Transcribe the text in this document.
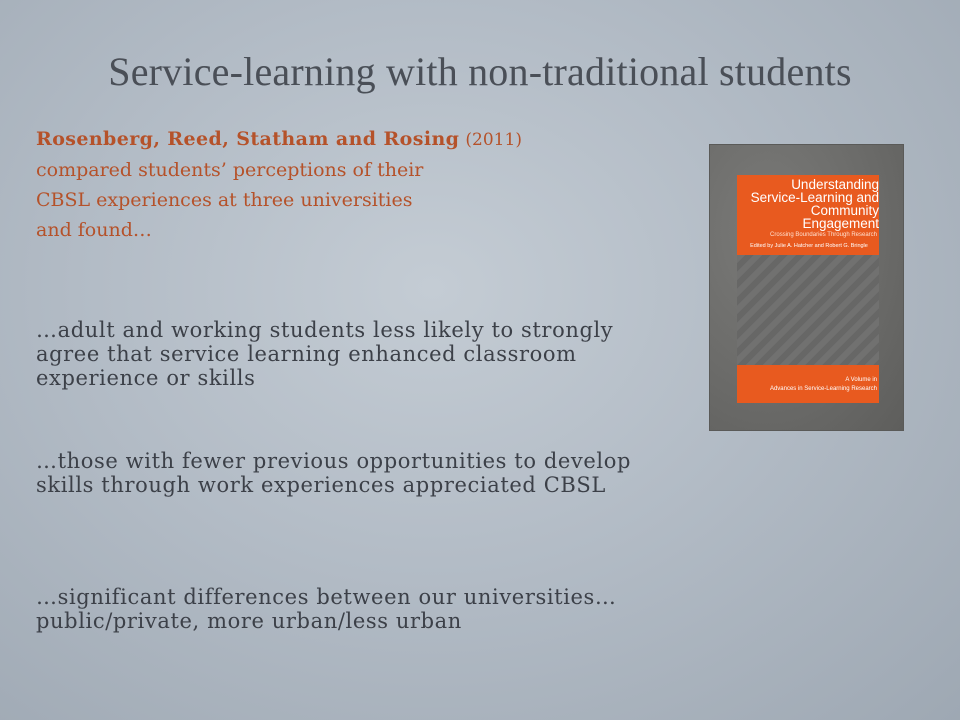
Service-learning with non-traditional students
Rosenberg, Reed, Statham and Rosing (2011)
compared students’ perceptions of their
CBSL experiences at three universities
and found…
…adult and working students less likely to strongly agree that service learning enhanced classroom experience or skills
…those with fewer previous opportunities to develop skills through work experiences appreciated CBSL
…significant differences between our universities…public/private, more urban/less urban
Understanding Service-Learning and Community Engagement
Crossing Boundaries Through Research
Edited by Julie A. Hatcher and Robert G. Bringle
A Volume in
Advances in Service-Learning Research
